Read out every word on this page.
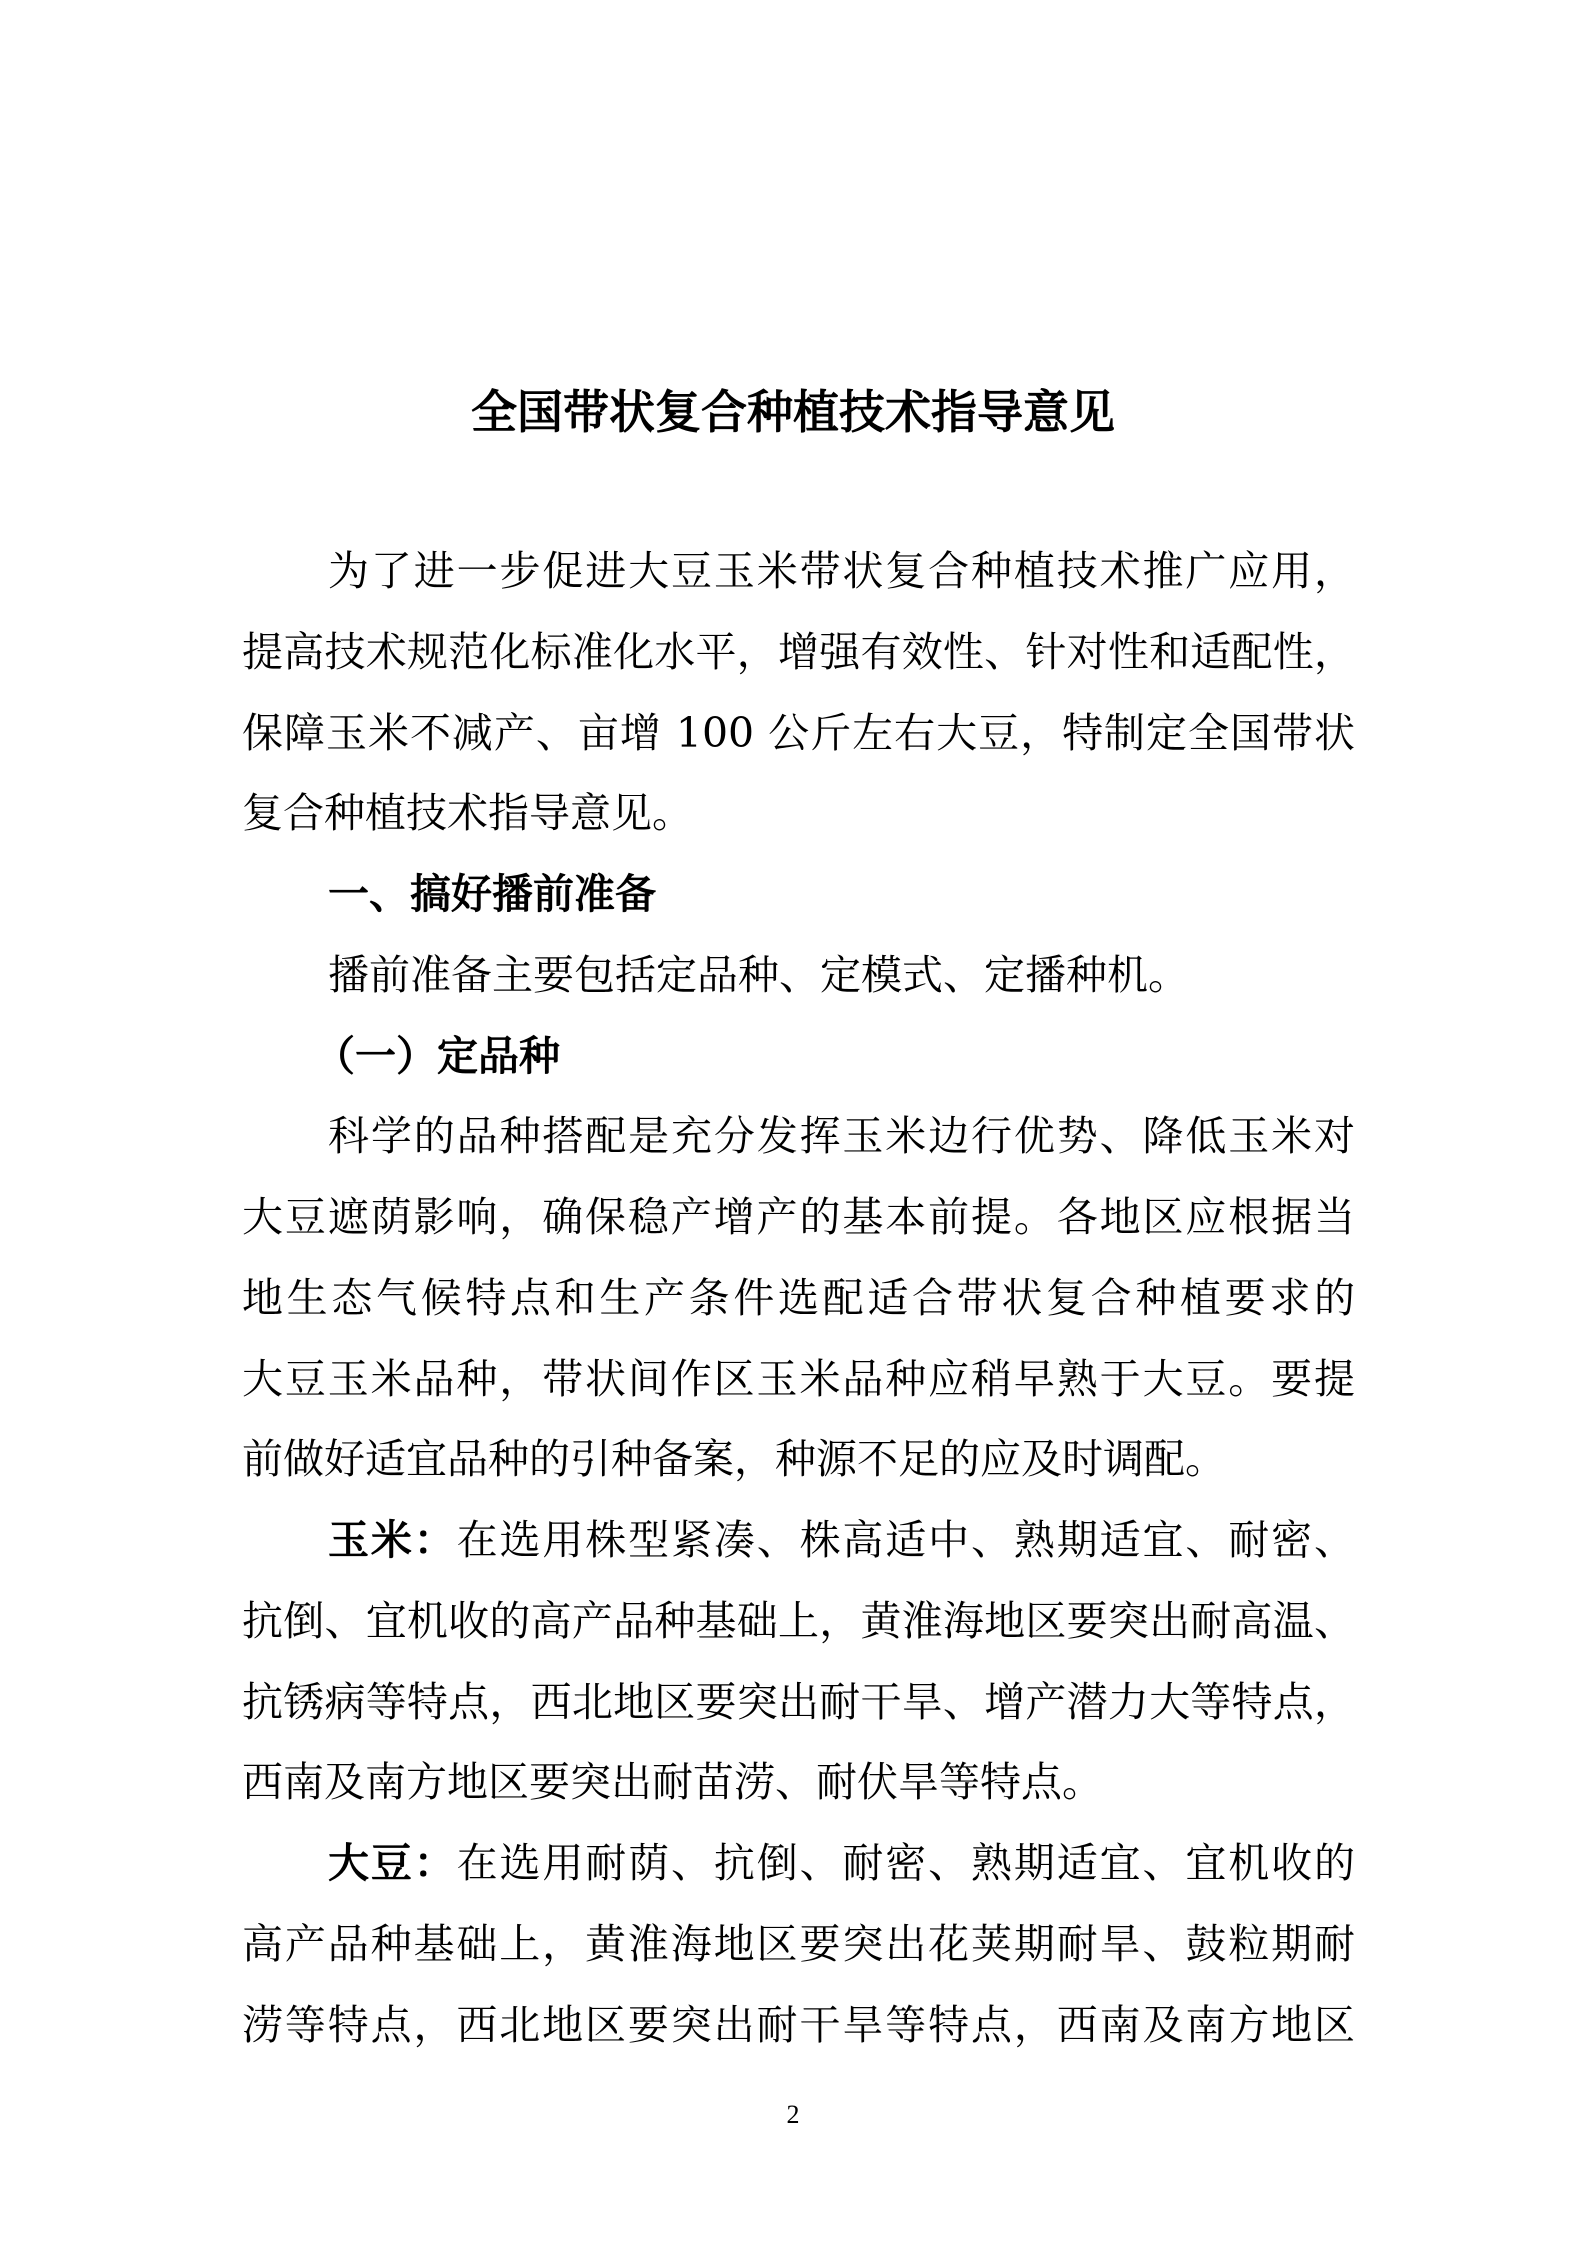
全国带状复合种植技术指导意见
为了进一步促进大豆玉米带状复合种植技术推广应用，
提高技术规范化标准化水平，增强有效性、针对性和适配性，
保障玉米不减产、亩增 100 公斤左右大豆，特制定全国带状
复合种植技术指导意见。
一、搞好播前准备
播前准备主要包括定品种、定模式、定播种机。
（一）定品种
科学的品种搭配是充分发挥玉米边行优势、降低玉米对
大豆遮荫影响，确保稳产增产的基本前提。各地区应根据当
地生态气候特点和生产条件选配适合带状复合种植要求的
大豆玉米品种，带状间作区玉米品种应稍早熟于大豆。要提
前做好适宜品种的引种备案，种源不足的应及时调配。
玉米：在选用株型紧凑、株高适中、熟期适宜、耐密、
抗倒、宜机收的高产品种基础上，黄淮海地区要突出耐高温、
抗锈病等特点，西北地区要突出耐干旱、增产潜力大等特点，
西南及南方地区要突出耐苗涝、耐伏旱等特点。
大豆：在选用耐荫、抗倒、耐密、熟期适宜、宜机收的
高产品种基础上，黄淮海地区要突出花荚期耐旱、鼓粒期耐
涝等特点，西北地区要突出耐干旱等特点，西南及南方地区
2
